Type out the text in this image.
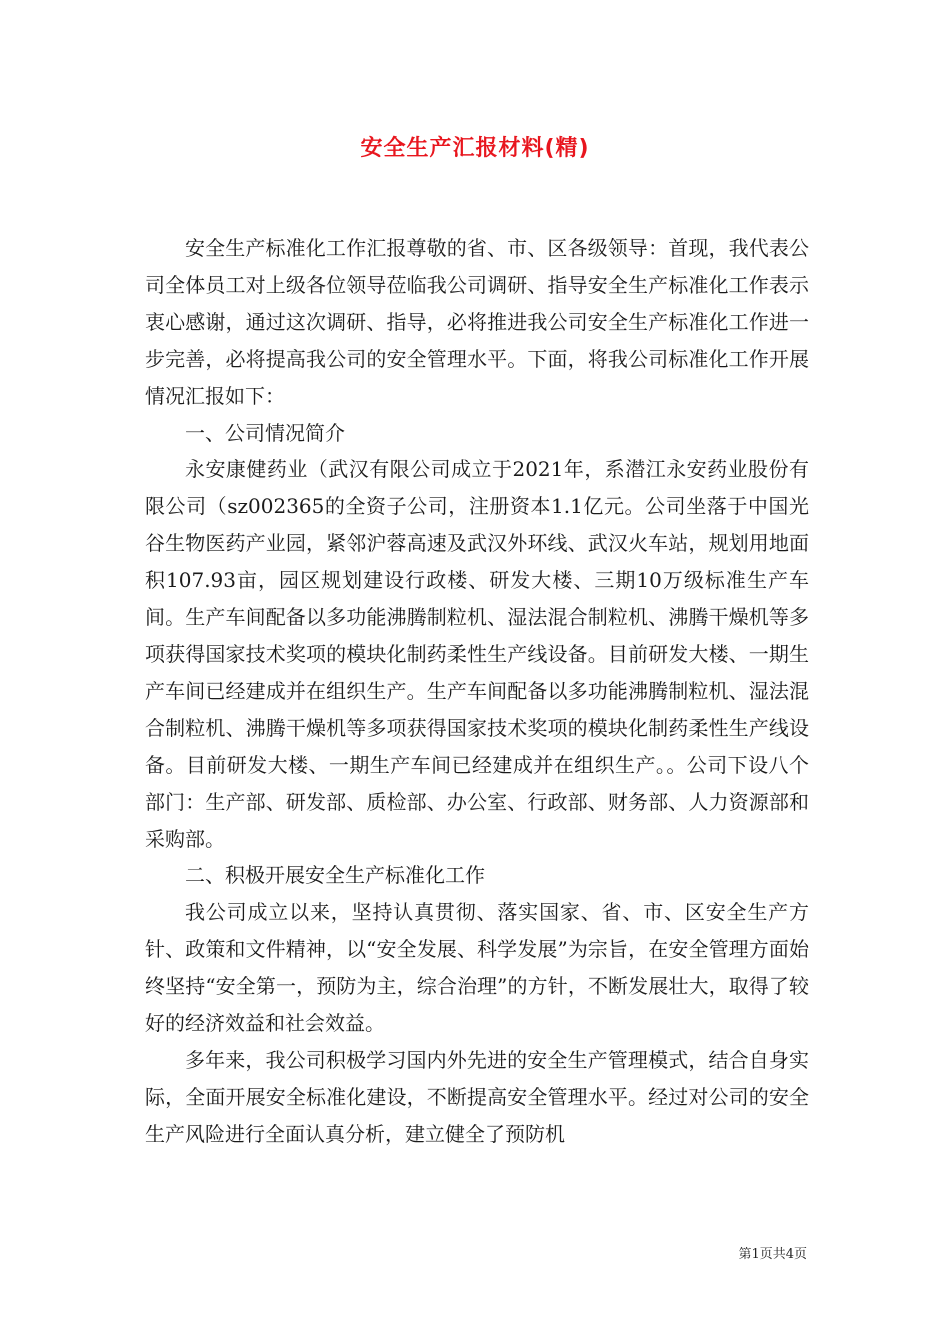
安全生产汇报材料(精)

安全生产标准化工作汇报尊敬的省、市、区各级领导：首现，我代表公司全体员工对上级各位领导莅临我公司调研、指导安全生产标准化工作表示衷心感谢，通过这次调研、指导，必将推进我公司安全生产标准化工作进一步完善，必将提高我公司的安全管理水平。下面，将我公司标准化工作开展情况汇报如下：

一、公司情况简介

永安康健药业（武汉有限公司成立于2021年，系潜江永安药业股份有限公司（sz002365的全资子公司，注册资本1.1亿元。公司坐落于中国光谷生物医药产业园，紧邻沪蓉高速及武汉外环线、武汉火车站，规划用地面积107.93亩，园区规划建设行政楼、研发大楼、三期10万级标准生产车间。生产车间配备以多功能沸腾制粒机、湿法混合制粒机、沸腾干燥机等多项获得国家技术奖项的模块化制药柔性生产线设备。目前研发大楼、一期生产车间已经建成并在组织生产。生产车间配备以多功能沸腾制粒机、湿法混合制粒机、沸腾干燥机等多项获得国家技术奖项的模块化制药柔性生产线设备。目前研发大楼、一期生产车间已经建成并在组织生产。。公司下设八个部门：生产部、研发部、质检部、办公室、行政部、财务部、人力资源部和采购部。

二、积极开展安全生产标准化工作

我公司成立以来，坚持认真贯彻、落实国家、省、市、区安全生产方针、政策和文件精神，以“安全发展、科学发展”为宗旨，在安全管理方面始终坚持“安全第一，预防为主，综合治理”的方针，不断发展壮大，取得了较好的经济效益和社会效益。

多年来，我公司积极学习国内外先进的安全生产管理模式，结合自身实际，全面开展安全标准化建设，不断提高安全管理水平。经过对公司的安全生产风险进行全面认真分析，建立健全了预防机

第1页共4页
